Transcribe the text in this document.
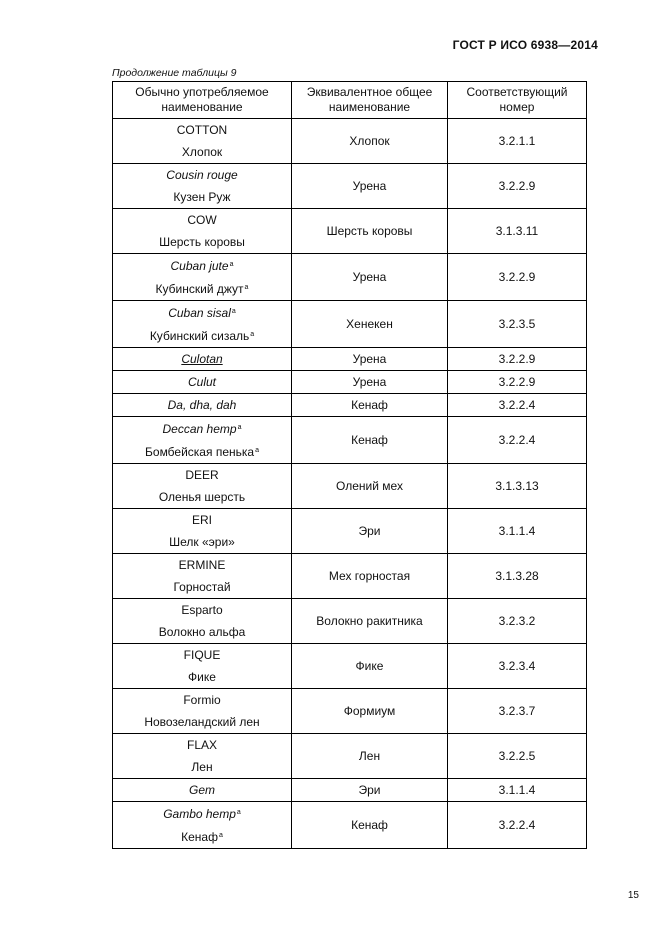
ГОСТ Р ИСО 6938—2014
Продолжение таблицы 9
Обычно употребляемое наименование	Эквивалентное общее наименование	Соответствующий номер

COTTON
Хлопок	Хлопок	3.2.1.1

Cousin rouge
Кузен Руж	Урена	3.2.2.9

COW
Шерсть коровы	Шерсть коровы	3.1.3.11

Cuban jute$^a$
Кубинский джут$^a$	Урена	3.2.2.9

Cuban sisal$^a$
Кубинский сизаль$^a$	Хенекен	3.2.3.5

Culotan	Урена	3.2.2.9

Culut	Урена	3.2.2.9

Da, dha, dah	Кенаф	3.2.2.4

Deccan hemp$^a$
Бомбейская пенька$^a$	Кенаф	3.2.2.4

DEER
Оленья шерсть	Олений мех	3.1.3.13

ERI
Шелк «эри»	Эри	3.1.1.4

ERMINE
Горностай	Мех горностая	3.1.3.28

Esparto
Волокно альфа	Волокно ракитника	3.2.3.2

FIQUE
Фике	Фике	3.2.3.4

Formio
Новозеландский лен	Формиум	3.2.3.7

FLAX
Лен	Лен	3.2.2.5

Gem	Эри	3.1.1.4

Gambo hemp$^a$
Кенаф$^a$	Кенаф	3.2.2.4
15
